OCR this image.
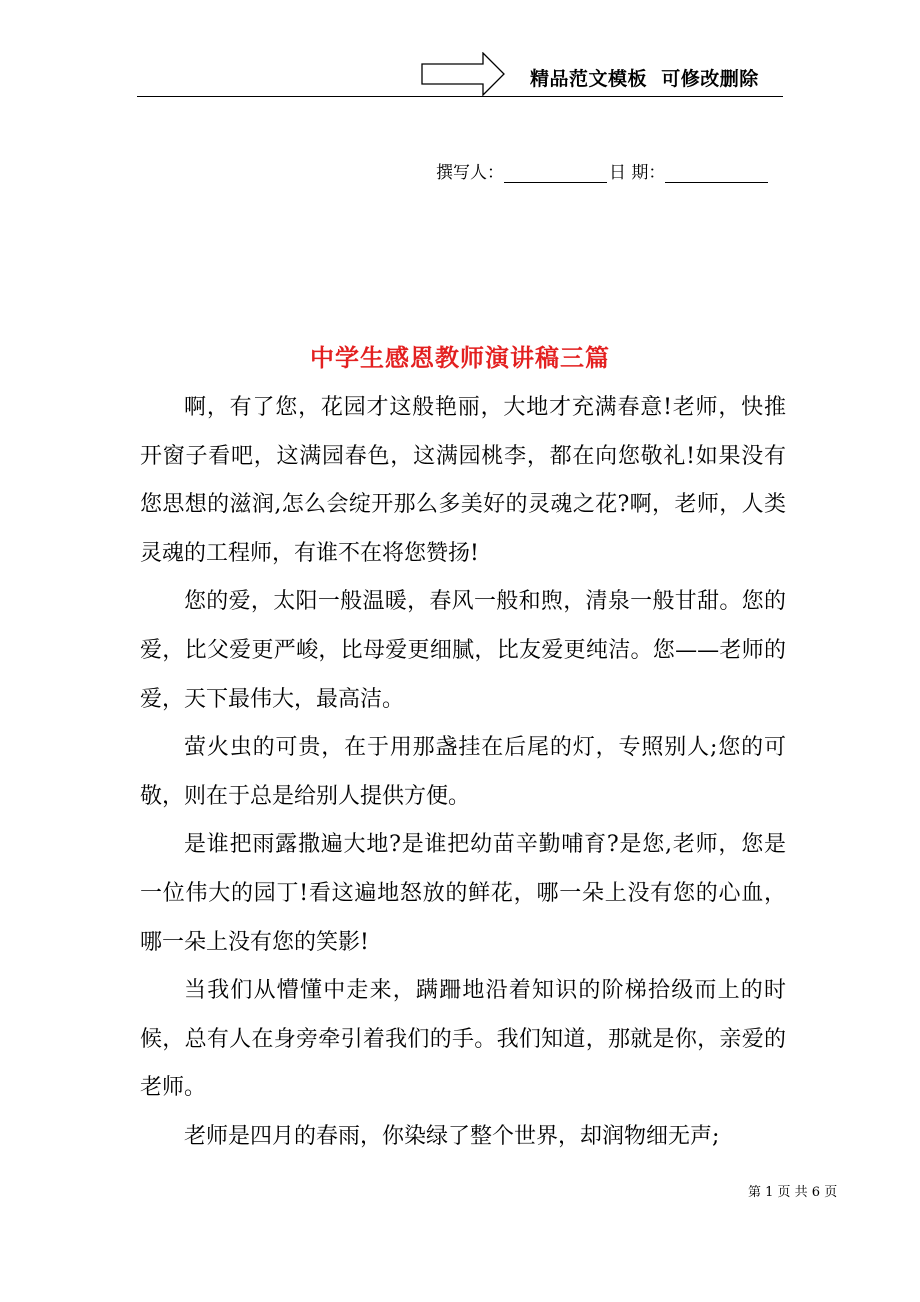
精品范文模板  可修改删除
撰写人：	日 期：
中学生感恩教师演讲稿三篇

啊，有了您，花园才这般艳丽，大地才充满春意!老师，快推开窗子看吧，这满园春色，这满园桃李，都在向您敬礼!如果没有您思想的滋润,怎么会绽开那么多美好的灵魂之花?啊，老师，人类灵魂的工程师，有谁不在将您赞扬!

您的爱，太阳一般温暖，春风一般和煦，清泉一般甘甜。您的爱，比父爱更严峻，比母爱更细腻，比友爱更纯洁。您——老师的爱，天下最伟大，最高洁。

萤火虫的可贵，在于用那盏挂在后尾的灯，专照别人;您的可敬，则在于总是给别人提供方便。

是谁把雨露撒遍大地?是谁把幼苗辛勤哺育?是您,老师，您是一位伟大的园丁!看这遍地怒放的鲜花，哪一朵上没有您的心血，哪一朵上没有您的笑影!

当我们从懵懂中走来，蹒跚地沿着知识的阶梯拾级而上的时候，总有人在身旁牵引着我们的手。我们知道，那就是你，亲爱的老师。

老师是四月的春雨，你染绿了整个世界，却润物细无声;

第 1 页 共 6 页
